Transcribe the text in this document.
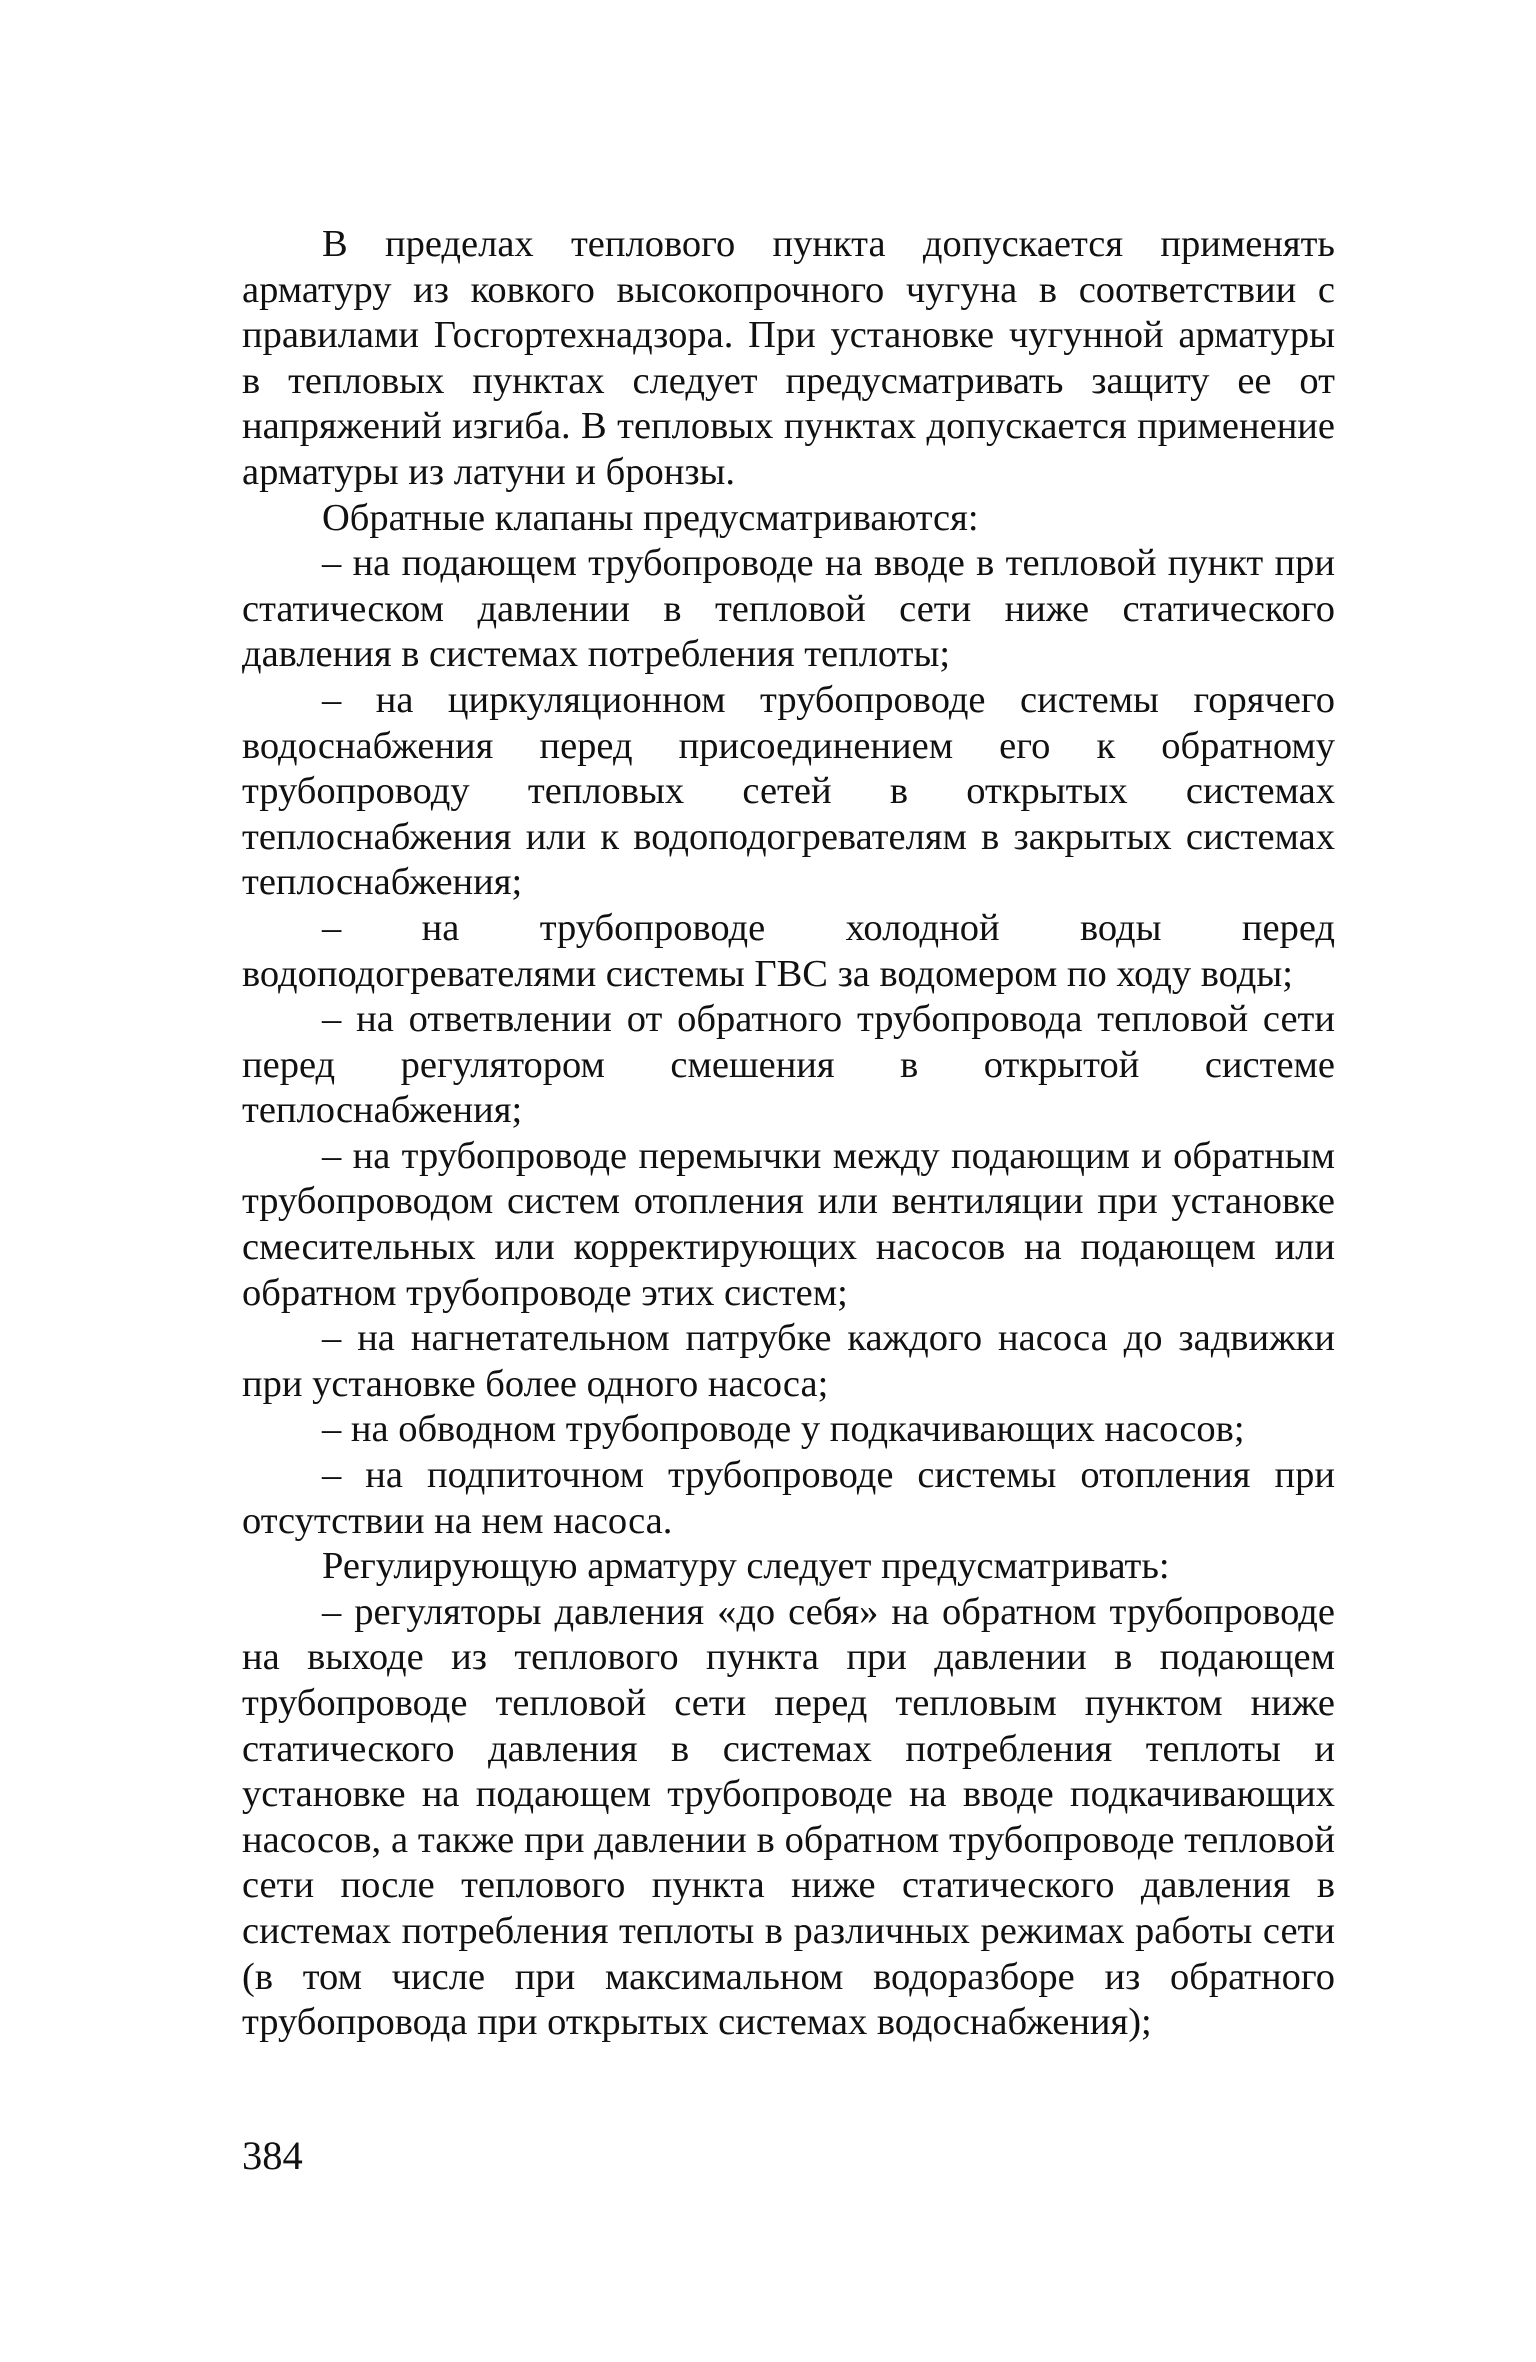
В пределах теплового пункта допускается применять арматуру из ковкого высокопрочного чугуна в соответствии с правилами Госгортехнадзора. При установке чугунной арматуры в тепловых пунктах следует предусматривать защиту ее от напряжений изгиба. В тепловых пунктах допускается применение арматуры из латуни и бронзы.

Обратные клапаны предусматриваются:

– на подающем трубопроводе на вводе в тепловой пункт при статическом давлении в тепловой сети ниже статического давления в системах потребления теплоты;

– на циркуляционном трубопроводе системы горячего водоснабжения перед присоединением его к обратному трубопроводу тепловых сетей в открытых системах теплоснабжения или к водоподогревателям в закрытых системах теплоснабжения;

– на трубопроводе холодной воды перед водоподогревателями системы ГВС за водомером по ходу воды;

– на ответвлении от обратного трубопровода тепловой сети перед регулятором смешения в открытой системе теплоснабжения;

– на трубопроводе перемычки между подающим и обратным трубопроводом систем отопления или вентиляции при установке смесительных или корректирующих насосов на подающем или обратном трубопроводе этих систем;

– на нагнетательном патрубке каждого насоса до задвижки при установке более одного насоса;

– на обводном трубопроводе у подкачивающих насосов;

– на подпиточном трубопроводе системы отопления при отсутствии на нем насоса.

Регулирующую арматуру следует предусматривать:

– регуляторы давления «до себя» на обратном трубопроводе на выходе из теплового пункта при давлении в подающем трубопроводе тепловой сети перед тепловым пунктом ниже статического давления в системах потребления теплоты и установке на подающем трубопроводе на вводе подкачивающих насосов, а также при давлении в обратном трубопроводе тепловой сети после теплового пункта ниже статического давления в системах потребления теплоты в различных режимах работы сети (в том числе при максимальном водоразборе из обратного трубопровода при открытых системах водоснабжения);

384
